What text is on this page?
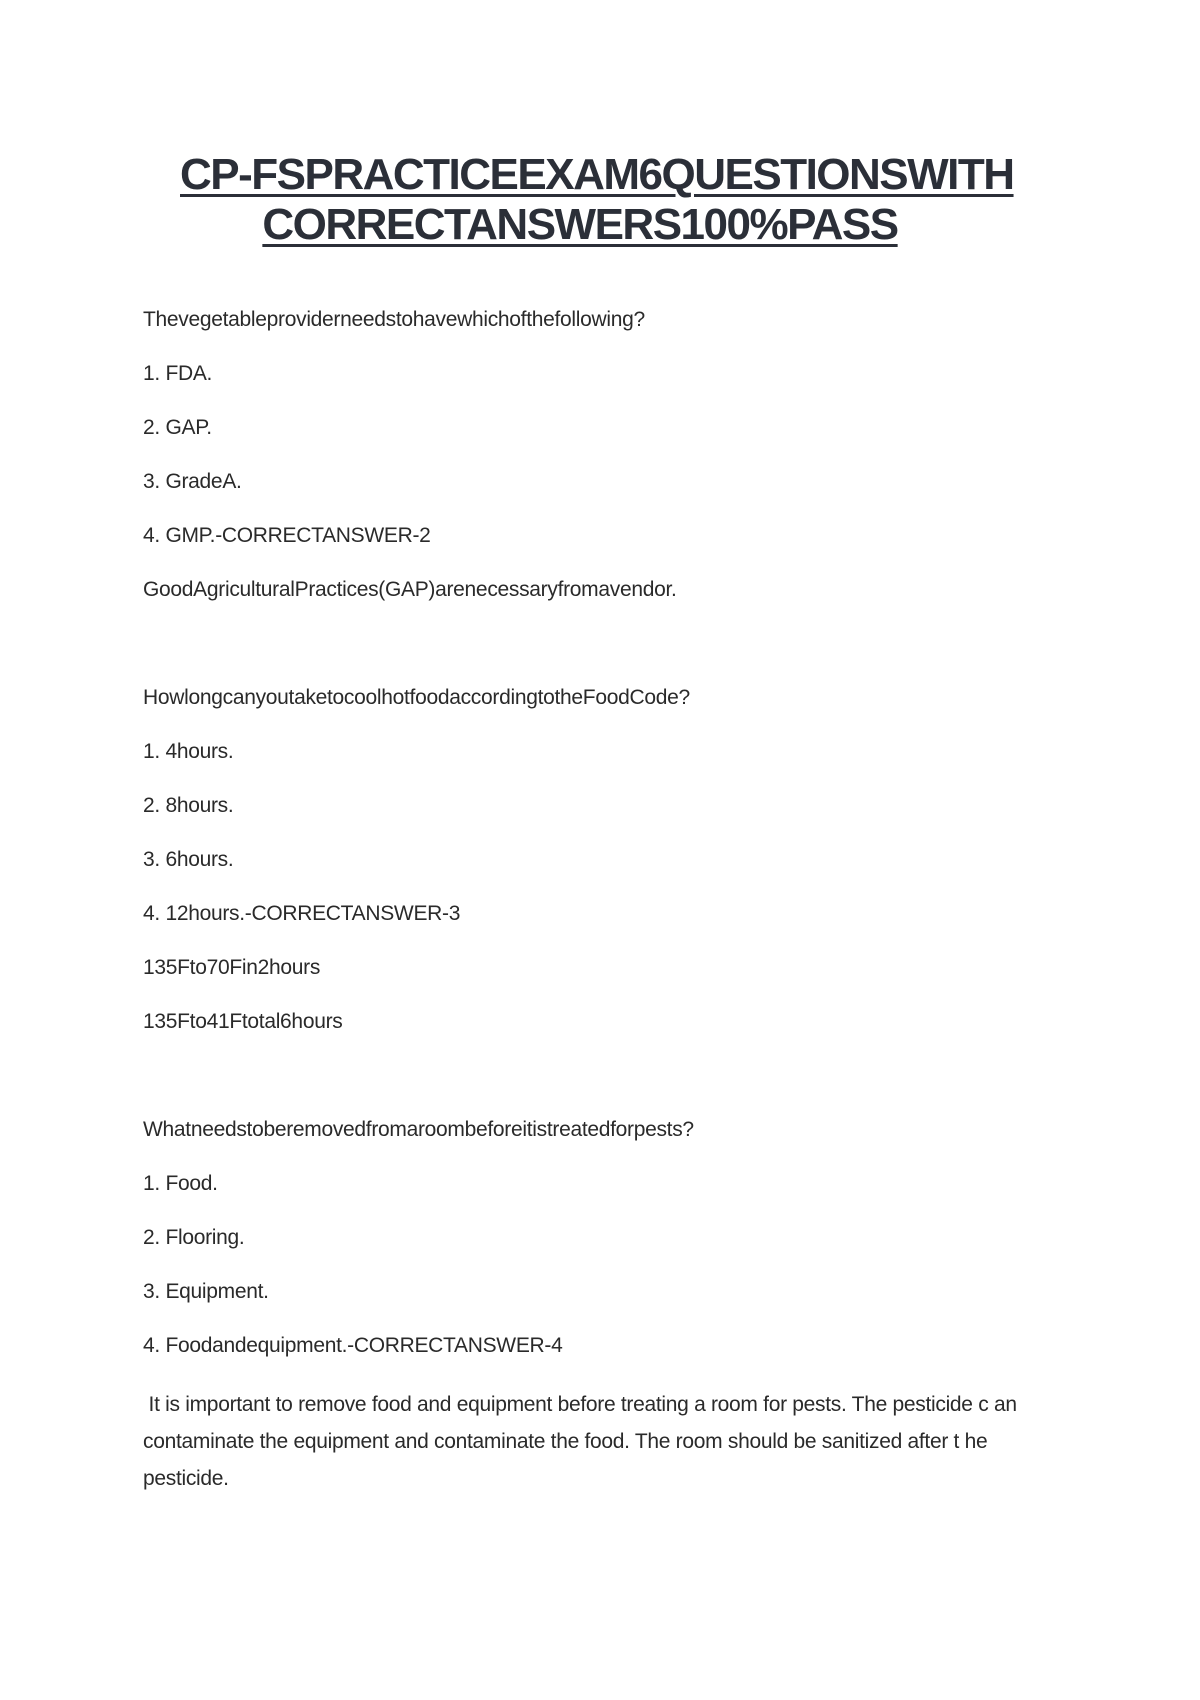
CP-FSPRACTICEEXAM6QUESTIONSWITH
CORRECTANSWERS100%PASS
Thevegetableproviderneedstohavewhichofthefollowing?
1. FDA.
2. GAP.
3. GradeA.
4. GMP.-CORRECTANSWER-2
GoodAgriculturalPractices(GAP)arenecessaryfromavendor.
HowlongcanyoutaketocoolhotfoodaccordingtotheFoodCode?
1. 4hours.
2. 8hours.
3. 6hours.
4. 12hours.-CORRECTANSWER-3
135Fto70Fin2hours
135Fto41Ftotal6hours
Whatneedstoberemovedfromaroombeforeitistreatedforpests?
1. Food.
2. Flooring.
3. Equipment.
4. Foodandequipment.-CORRECTANSWER-4
It is important to remove food and equipment before treating a room for pests. The pesticide c an contaminate the equipment and contaminate the food. The room should be sanitized after t he pesticide.
